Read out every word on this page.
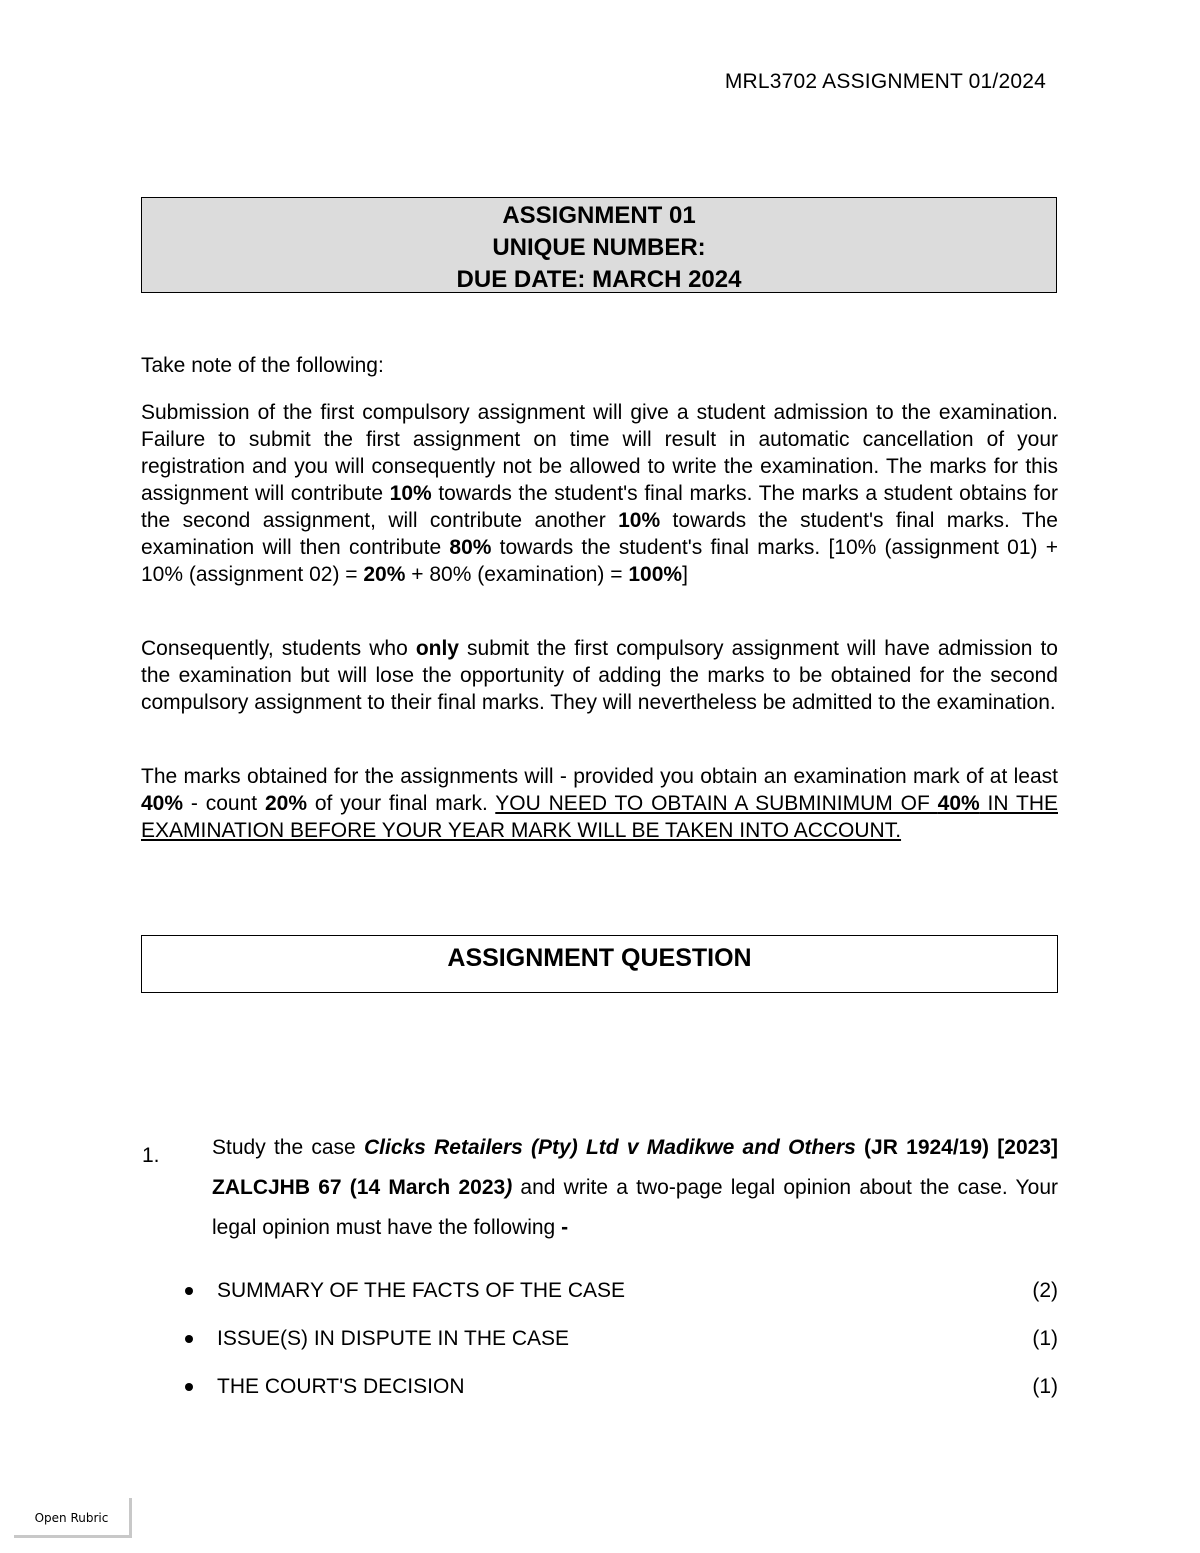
MRL3702 ASSIGNMENT 01/2024
ASSIGNMENT 01
UNIQUE NUMBER:
DUE DATE: MARCH 2024

Take note of the following:

Submission of the first compulsory assignment will give a student admission to the examination. Failure to submit the first assignment on time will result in automatic cancellation of your registration and you will consequently not be allowed to write the examination. The marks for this assignment will contribute 10% towards the student's final marks. The marks a student obtains for the second assignment, will contribute another 10% towards the student's final marks. The examination will then contribute 80% towards the student's final marks. [10% (assignment 01) + 10% (assignment 02) = 20% + 80% (examination) = 100%]

Consequently, students who only submit the first compulsory assignment will have admission to the examination but will lose the opportunity of adding the marks to be obtained for the second compulsory assignment to their final marks. They will nevertheless be admitted to the examination.

The marks obtained for the assignments will - provided you obtain an examination mark of at least 40% - count 20% of your final mark. YOU NEED TO OBTAIN A SUBMINIMUM OF 40% IN THE EXAMINATION BEFORE YOUR YEAR MARK WILL BE TAKEN INTO ACCOUNT.

ASSIGNMENT QUESTION
1. Study the case Clicks Retailers (Pty) Ltd v Madikwe and Others (JR 1924/19) [2023] ZALCJHB 67 (14 March 2023) and write a two-page legal opinion about the case. Your legal opinion must have the following -
SUMMARY OF THE FACTS OF THE CASE	(2)
ISSUE(S) IN DISPUTE IN THE CASE	(1)
THE COURT'S DECISION	(1)
Open Rubric
